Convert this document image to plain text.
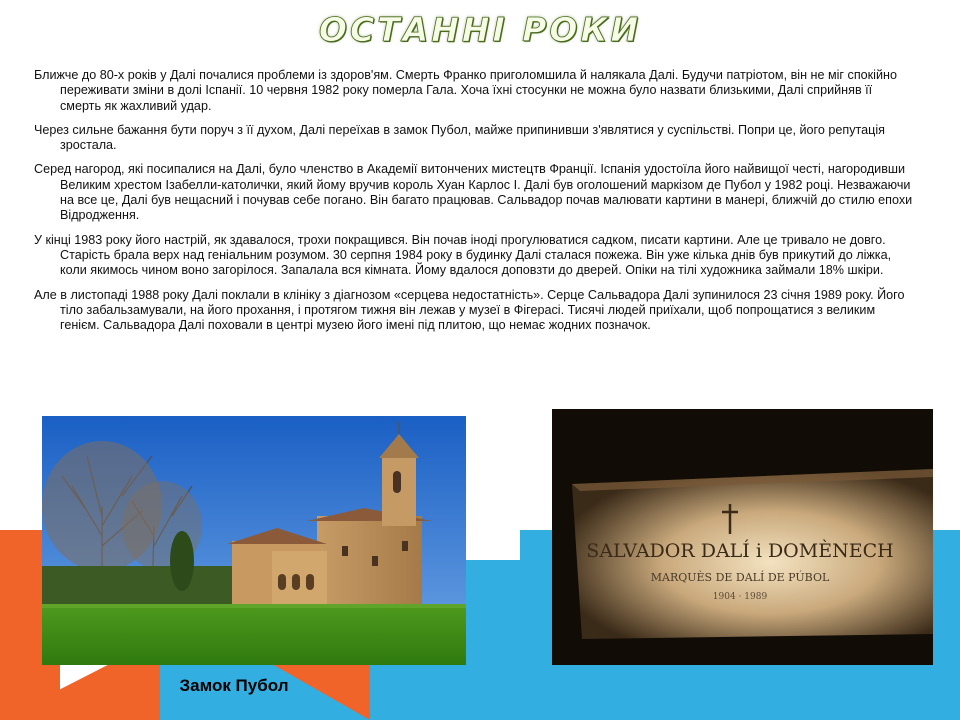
ОСТАННІ РОКИ

Ближче до 80-х років у Далі почалися проблеми із здоров'ям. Смерть Франко приголомшила й налякала Далі. Будучи патріотом, він не міг спокійно переживати зміни в долі Іспанії. 10 червня 1982 року померла Гала. Хоча їхні стосунки не можна було назвати близькими, Далі сприйняв її смерть як жахливий удар.

Через сильне бажання бути поруч з її духом, Далі переїхав в замок Пубол, майже припинивши з'являтися у суспільстві. Попри це, його репутація зростала.

Серед нагород, які посипалися на Далі, було членство в Академії витончених мистецтв Франції. Іспанія удостоїла його найвищої честі, нагородивши Великим хрестом Ізабелли-католички, який йому вручив король Хуан Карлос І. Далі був оголошений маркізом де Пубол у 1982 році. Незважаючи на все це, Далі був нещасний і почував себе погано. Він багато працював. Сальвадор почав малювати картини в манері, ближчій до стилю епохи Відродження.

У кінці 1983 року його настрій, як здавалося, трохи покращився. Він почав іноді прогулюватися садком, писати картини. Але це тривало не довго. Старість брала верх над геніальним розумом. 30 серпня 1984 року в будинку Далі сталася пожежа. Він уже кілька днів був прикутий до ліжка, коли якимось чином воно загорілося. Запалала вся кімната. Йому вдалося доповзти до дверей. Опіки на тілі художника займали 18% шкіри.

Але в листопаді 1988 року Далі поклали в клініку з діагнозом «серцева недостатність». Серце Сальвадора Далі зупинилося 23 січня 1989 року. Його тіло забальзамували, на його прохання, і протягом тижня він лежав у музеї в Фігерасі. Тисячі людей приїхали, щоб попрощатися з великим генієм. Сальвадора Далі поховали в центрі музею його імені під плитою, що немає жодних позначок.

SALVADOR DALÍ i DOMÈNECH
MARQUÈS DE DALÍ DE PÚBOL
1904 · 1989
Замок Пубол
